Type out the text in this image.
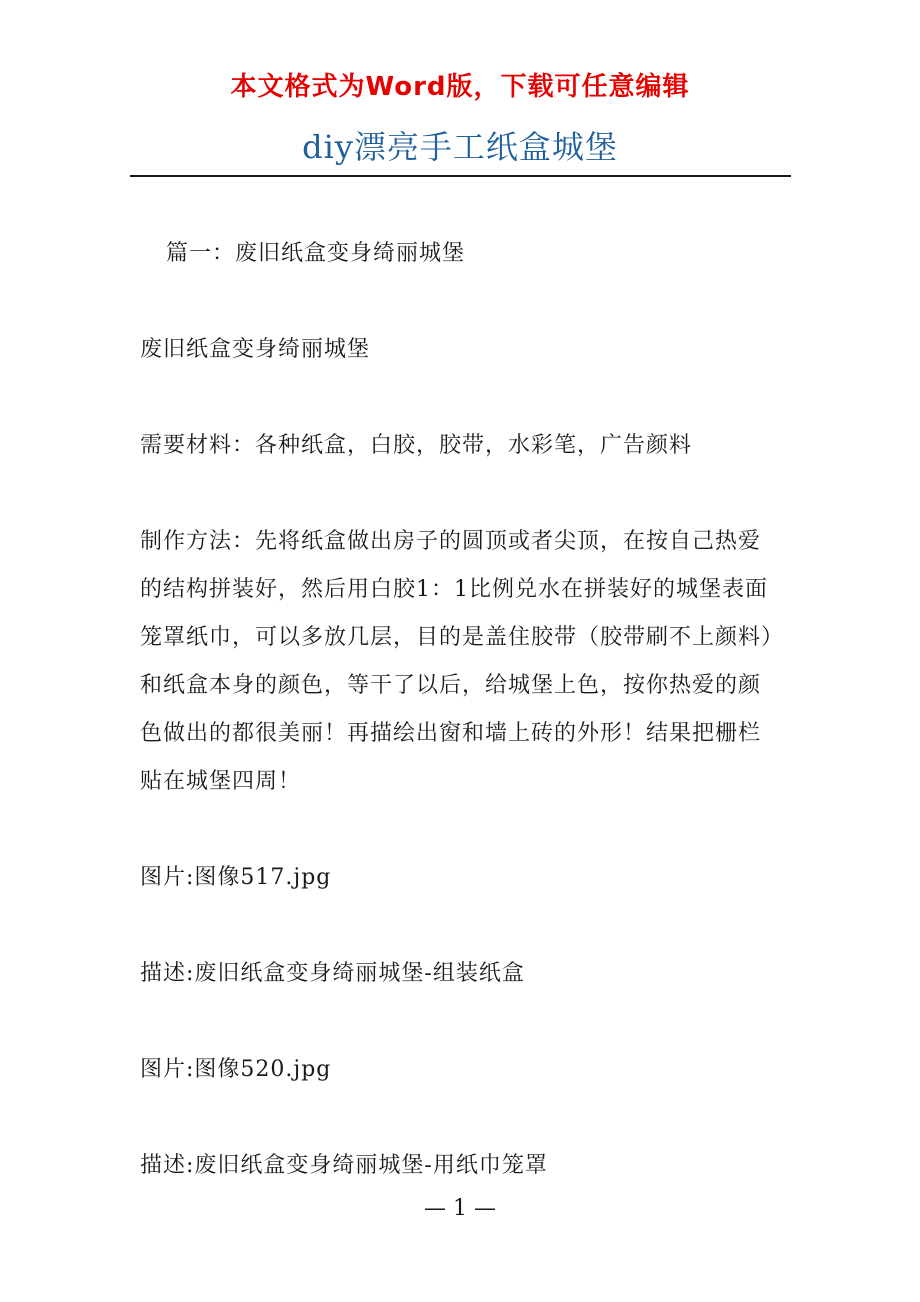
本文格式为Word版，下载可任意编辑
diy漂亮手工纸盒城堡

篇一：废旧纸盒变身绮丽城堡

废旧纸盒变身绮丽城堡

需要材料：各种纸盒，白胶，胶带，水彩笔，广告颜料

制作方法：先将纸盒做出房子的圆顶或者尖顶，在按自己热爱的结构拼装好，然后用白胶1：1比例兑水在拼装好的城堡表面笼罩纸巾，可以多放几层，目的是盖住胶带（胶带刷不上颜料）和纸盒本身的颜色，等干了以后，给城堡上色，按你热爱的颜色做出的都很美丽！再描绘出窗和墙上砖的外形！结果把栅栏贴在城堡四周！

图片:图像517.jpg

描述:废旧纸盒变身绮丽城堡-组装纸盒

图片:图像520.jpg

描述:废旧纸盒变身绮丽城堡-用纸巾笼罩

— 1 —
